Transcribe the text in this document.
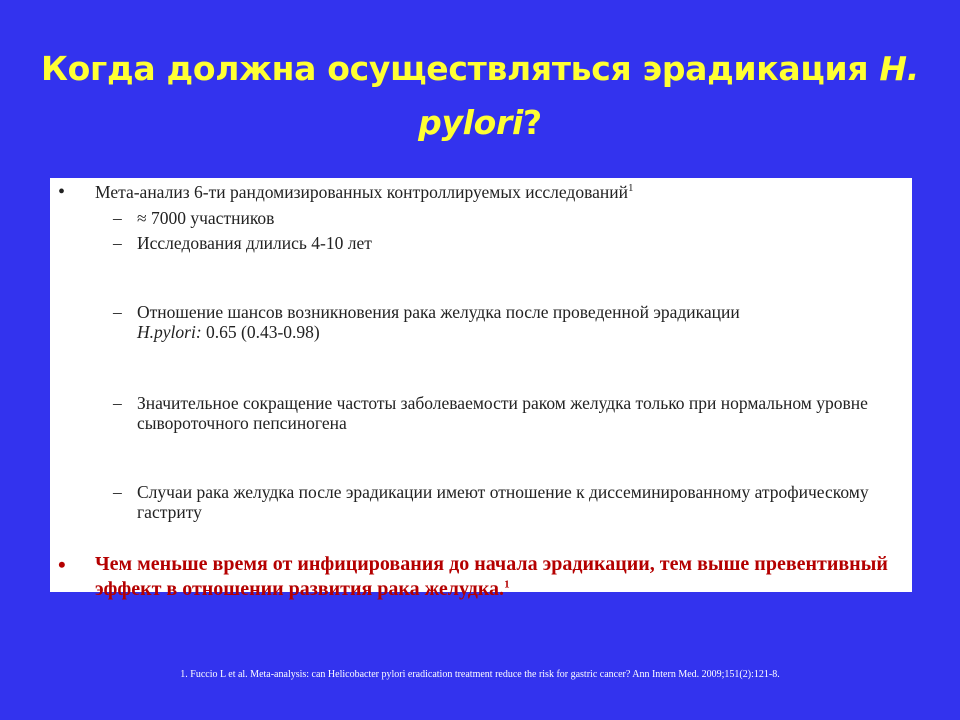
Когда должна осуществляться эрадикация H. pylori?
• Мета-анализ 6-ти рандомизированных контроллируемых исследований$^1$
– ≈ 7000 участников
– Исследования длились 4-10 лет
– Отношение шансов возникновения рака желудка после проведенной эрадикации
H.pylori: 0.65 (0.43-0.98)
– Значительное сокращение частоты заболеваемости раком желудка только при нормальном уровне сывороточного пепсиногена
– Случаи рака желудка после эрадикации имеют отношение к диссеминированному атрофическому гастриту
• Чем меньше время от инфицирования до начала эрадикации, тем выше превентивный эффект в отношении развития рака желудка.$^1$
1. Fuccio L et al. Meta-analysis: can Helicobacter pylori eradication treatment reduce the risk for gastric cancer? Ann Intern Med. 2009;151(2):121-8.
